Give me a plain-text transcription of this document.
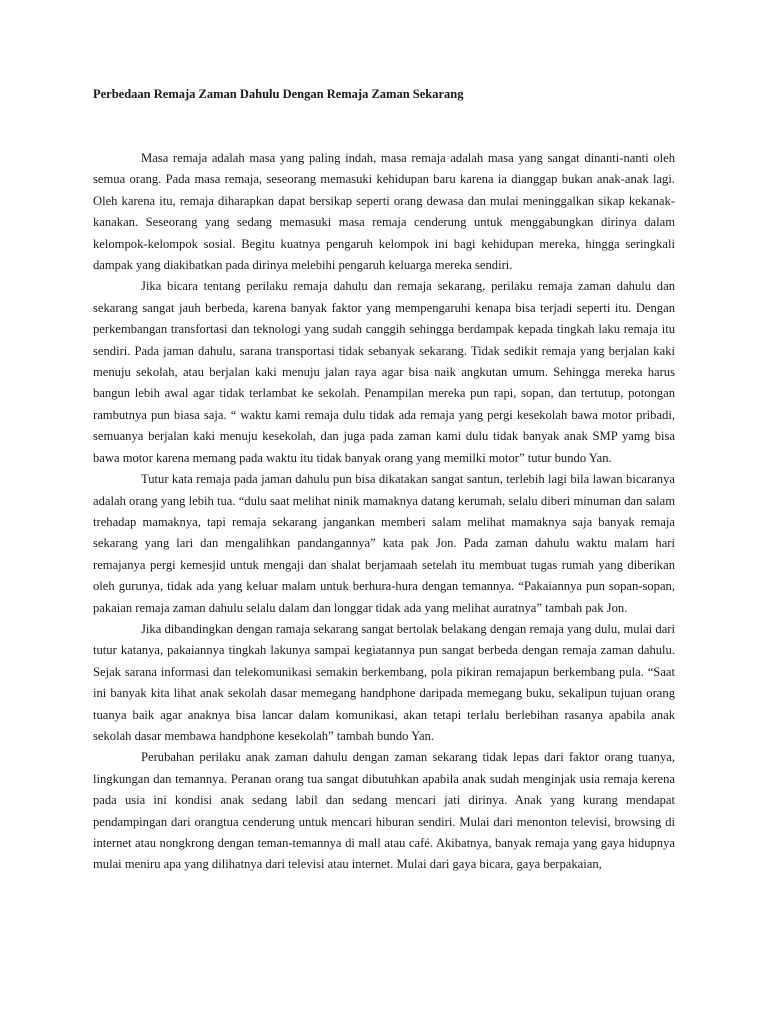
Perbedaan Remaja Zaman Dahulu Dengan Remaja Zaman Sekarang

Masa remaja adalah masa yang paling indah, masa remaja adalah masa yang sangat dinanti-nanti oleh semua orang. Pada masa remaja, seseorang memasuki kehidupan baru karena ia dianggap bukan anak-anak lagi. Oleh karena itu, remaja diharapkan dapat bersikap seperti orang dewasa dan mulai meninggalkan sikap kekanak-kanakan. Seseorang yang sedang memasuki masa remaja cenderung untuk menggabungkan dirinya dalam kelompok-kelompok sosial. Begitu kuatnya pengaruh kelompok ini bagi kehidupan mereka, hingga seringkali dampak yang diakibatkan pada dirinya melebihi pengaruh keluarga mereka sendiri.

Jika bicara tentang perilaku remaja dahulu dan remaja sekarang, perilaku remaja zaman dahulu dan sekarang sangat jauh berbeda, karena banyak faktor yang mempengaruhi kenapa bisa terjadi seperti itu. Dengan perkembangan transfortasi dan teknologi yang sudah canggih sehingga berdampak kepada tingkah laku remaja itu sendiri. Pada jaman dahulu, sarana transportasi tidak sebanyak sekarang. Tidak sedikit remaja yang berjalan kaki menuju sekolah, atau berjalan kaki menuju jalan raya agar bisa naik angkutan umum. Sehingga mereka harus bangun lebih awal agar tidak terlambat ke sekolah. Penampilan mereka pun rapi, sopan, dan tertutup, potongan rambutnya pun biasa saja. “ waktu kami remaja dulu tidak ada remaja yang pergi kesekolah bawa motor pribadi, semuanya berjalan kaki menuju kesekolah, dan juga pada zaman kami dulu tidak banyak anak SMP yamg bisa bawa motor karena memang pada waktu itu tidak banyak orang yang memilki motor” tutur bundo Yan.

Tutur kata remaja pada jaman dahulu pun bisa dikatakan sangat santun, terlebih lagi bila lawan bicaranya adalah orang yang lebih tua. “dulu saat melihat ninik mamaknya datang kerumah, selalu diberi minuman dan salam trehadap mamaknya, tapi remaja sekarang jangankan memberi salam melihat mamaknya saja banyak remaja sekarang yang lari dan mengalihkan pandangannya” kata pak Jon. Pada zaman dahulu waktu malam hari remajanya pergi kemesjid untuk mengaji dan shalat berjamaah setelah itu membuat tugas rumah yang diberikan oleh gurunya, tidak ada yang keluar malam untuk berhura-hura dengan temannya. “Pakaiannya pun sopan-sopan, pakaian remaja zaman dahulu selalu dalam dan longgar tidak ada yang melihat auratnya” tambah pak Jon.

Jika dibandingkan dengan ramaja sekarang sangat bertolak belakang dengan remaja yang dulu, mulai dari tutur katanya, pakaiannya tingkah lakunya sampai kegiatannya pun sangat berbeda dengan remaja zaman dahulu. Sejak sarana informasi dan telekomunikasi semakin berkembang, pola pikiran remajapun berkembang pula. “Saat ini banyak kita lihat anak sekolah dasar memegang handphone daripada memegang buku, sekalipun tujuan orang tuanya baik agar anaknya bisa lancar dalam komunikasi, akan tetapi terlalu berlebihan rasanya apabila anak sekolah dasar membawa handphone kesekolah” tambah bundo Yan.

Perubahan perilaku anak zaman dahulu dengan zaman sekarang tidak lepas dari faktor orang tuanya, lingkungan dan temannya. Peranan orang tua sangat dibutuhkan apabila anak sudah menginjak usia remaja kerena pada usia ini kondisi anak sedang labil dan sedang mencari jati dirinya. Anak yang kurang mendapat pendampingan dari orangtua cenderung untuk mencari hiburan sendiri. Mulai dari menonton televisi, browsing di internet atau nongkrong dengan teman-temannya di mall atau café. Akibatnya, banyak remaja yang gaya hidupnya mulai meniru apa yang dilihatnya dari televisi atau internet. Mulai dari gaya bicara, gaya berpakaian,
